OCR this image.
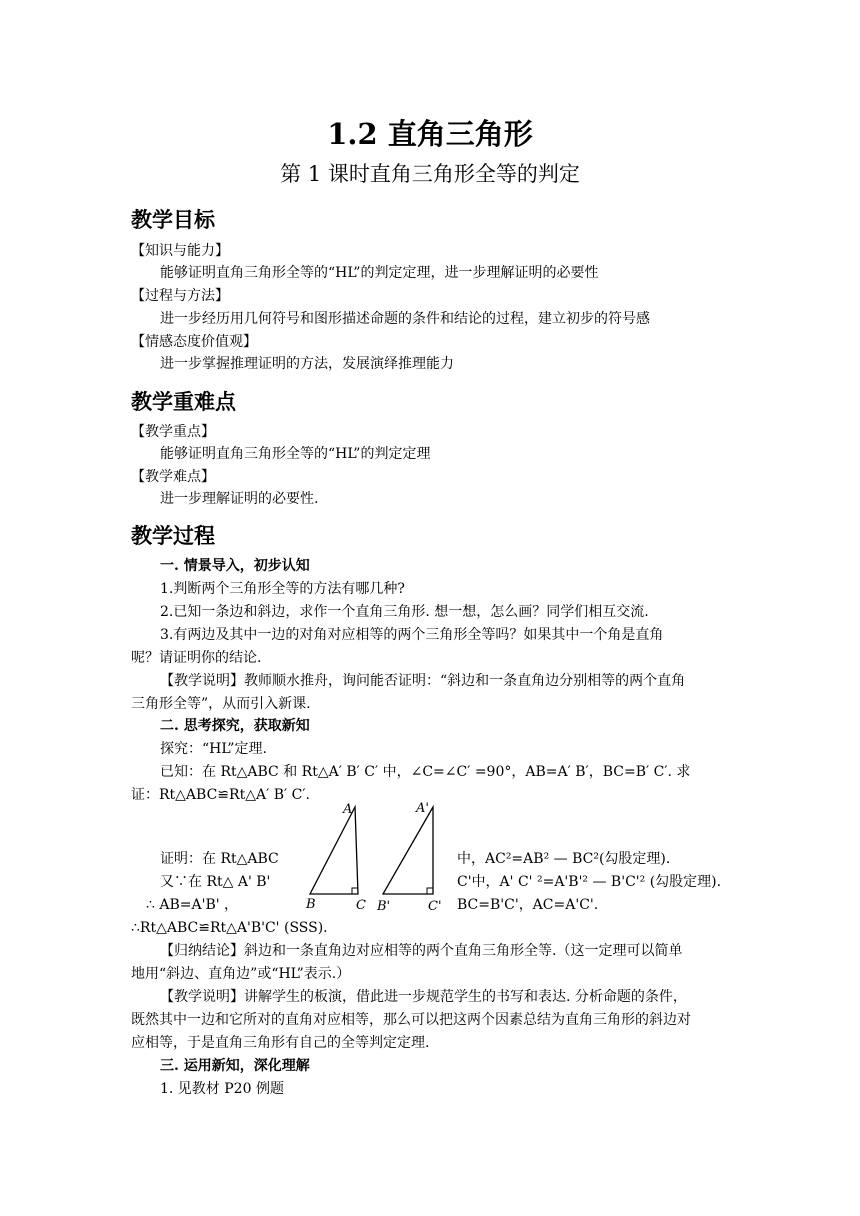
1.2 直角三角形
第 1 课时直角三角形全等的判定
教学目标
【知识与能力】
能够证明直角三角形全等的“HL”的判定定理，进一步理解证明的必要性
【过程与方法】
进一步经历用几何符号和图形描述命题的条件和结论的过程，建立初步的符号感
【情感态度价值观】
进一步掌握推理证明的方法，发展演绎推理能力
教学重难点
【教学重点】
能够证明直角三角形全等的“HL”的判定定理
【教学难点】
进一步理解证明的必要性.
教学过程
一. 情景导入，初步认知
1.判断两个三角形全等的方法有哪几种?
2.已知一条边和斜边，求作一个直角三角形. 想一想，怎么画？同学们相互交流.
3.有两边及其中一边的对角对应相等的两个三角形全等吗？如果其中一个角是直角
呢？请证明你的结论.
【教学说明】教师顺水推舟，询问能否证明：“斜边和一条直角边分别相等的两个直角
三角形全等”，从而引入新课.
二. 思考探究，获取新知
探究：“HL”定理.
已知：在 Rt△ABC 和 Rt△A′ B′ C′ 中，∠C=∠C′ =90°，AB=A′ B′，BC=B′ C′. 求
证：Rt△ABC≌Rt△A′ B′ C′.
A
B	C
A'
B'	C'
证明：在 Rt△ABC
又∵在 Rt△ A' B'
∴ AB=A'B' ，
中，AC²=AB² — BC²(勾股定理).
C'中，A' C' ²=A'B'² — B'C'² (勾股定理).
BC=B'C'，AC=A'C'.
∴Rt△ABC≌Rt△A'B'C' (SSS).
【归纳结论】斜边和一条直角边对应相等的两个直角三角形全等.（这一定理可以简单
地用“斜边、直角边”或“HL”表示.）
【教学说明】讲解学生的板演，借此进一步规范学生的书写和表达. 分析命题的条件，
既然其中一边和它所对的直角对应相等，那么可以把这两个因素总结为直角三角形的斜边对
应相等，于是直角三角形有自己的全等判定定理.
三. 运用新知，深化理解
1. 见教材 P20 例题
